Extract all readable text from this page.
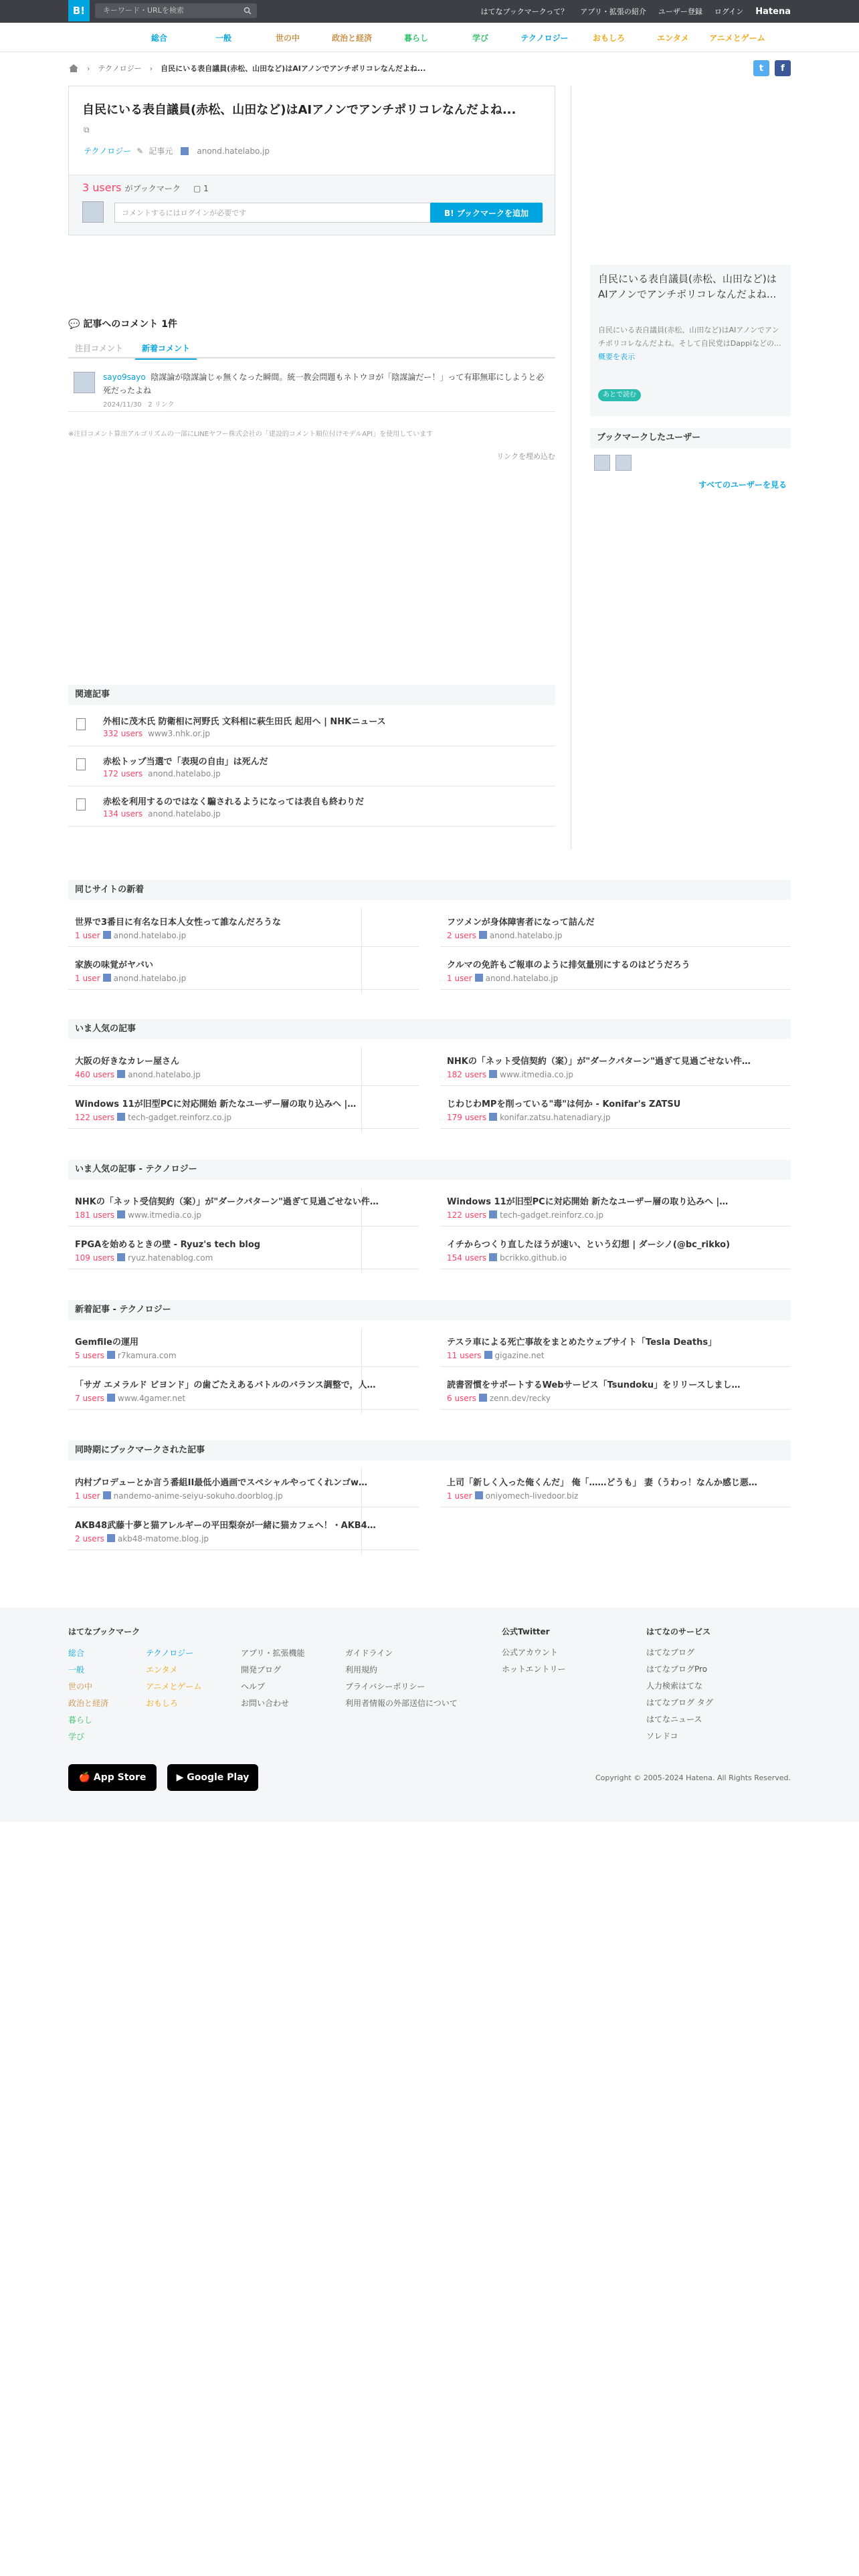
B!	キーワード・URLを検索	はてなブックマークって？ アプリ・拡張の紹介 ユーザー登録 ログイン Hatena
総合	一般	世の中	政治と経済	暮らし	学び	テクノロジー	おもしろ	エンタメ	アニメとゲーム
› テクノロジー › 自民にいる表自議員(赤松、山田など)はAIアノンでアンチポリコレなんだよね...	t	f
自民にいる表自議員(赤松、山田など)はAIアノンでアンチポリコレなんだよね...
⧉
テクノロジー ✎ 記事元	anond.hatelabo.jp
3 users がブックマーク ▢ 1
コメントするにはログインが必要です	B! ブックマークを追加
自民にいる表自議員(赤松、山田など)はAIアノンでアンチポリコレなんだよね...
自民にいる表自議員(赤松、山田など)はAIアノンでアンチポリコレなんだよね。そして自民党はDappiなどの... 概要を表示
あとで読む
ブックマークしたユーザー
すべてのユーザーを見る
💬 記事へのコメント 1件
注目コメント	新着コメント
sayo9sayo 陰謀論が陰謀論じゃ無くなった瞬間。統一教会問題もネトウヨが「陰謀論だー！」って有耶無耶にしようと必死だったよね
2024/11/30 2 リンク
※注目コメント算出アルゴリズムの一部にLINEヤフー株式会社の「建設的コメント順位付けモデルAPI」を使用しています
リンクを埋め込む
関連記事
外相に茂木氏 防衛相に河野氏 文科相に萩生田氏 起用へ | NHKニュース
332 users www3.nhk.or.jp
赤松トップ当選で「表現の自由」は死んだ
172 users anond.hatelabo.jp
赤松を利用するのではなく騙されるようになっては表自も終わりだ
134 users anond.hatelabo.jp
同じサイトの新着
世界で3番目に有名な日本人女性って誰なんだろうな
1 user anond.hatelabo.jp
フツメンが身体障害者になって詰んだ
2 users anond.hatelabo.jp
家族の味覚がヤバい
1 user anond.hatelabo.jp
クルマの免許もご報車のように排気量別にするのはどうだろう
1 user anond.hatelabo.jp
いま人気の記事
大阪の好きなカレー屋さん
460 users anond.hatelabo.jp
NHKの「ネット受信契約（案）」が"ダークパターン"過ぎて見過ごせない件…
182 users www.itmedia.co.jp
Windows 11が旧型PCに対応開始 新たなユーザー層の取り込みへ |…
122 users tech-gadget.reinforz.co.jp
じわじわMPを削っている"毒"は何か - Konifar's ZATSU
179 users konifar.zatsu.hatenadiary.jp
いま人気の記事 - テクノロジー
NHKの「ネット受信契約（案）」が"ダークパターン"過ぎて見過ごせない件…
181 users www.itmedia.co.jp
Windows 11が旧型PCに対応開始 新たなユーザー層の取り込みへ |…
122 users tech-gadget.reinforz.co.jp
FPGAを始めるときの壁 - Ryuz's tech blog
109 users ryuz.hatenablog.com
イチからつくり直したほうが速い、という幻想 | ダーシノ(@bc_rikko)
154 users bcrikko.github.io
新着記事 - テクノロジー
Gemfileの運用
5 users r7kamura.com
テスラ車による死亡事故をまとめたウェブサイト「Tesla Deaths」
11 users gigazine.net
「サガ エメラルド ビヨンド」の歯ごたえあるバトルのバランス調整で，人…
7 users www.4gamer.net
読書習慣をサポートするWebサービス「Tsundoku」をリリースしまし…
6 users zenn.dev/recky
同時期にブックマークされた記事
内村プロデューとか言う番組II最低小過画でスペシャルやってくれンゴw…
1 user nandemo-anime-seiyu-sokuho.doorblog.jp
上司「新しく入った俺くんだ」 俺「……どうも」 妻（うわっ！なんか感じ悪…
1 user oniyomech-livedoor.biz
AKB48武藤十夢と猫アレルギーの平田梨奈が一緒に猫カフェへ！・AKB4…
2 users akb48-matome.blog.jp
はてなブックマーク
総合
一般
世の中
政治と経済
暮らし
学び
テクノロジー
エンタメ
アニメとゲーム
おもしろ
アプリ・拡張機能
開発ブログ
ヘルプ
お問い合わせ
ガイドライン
利用規約
プライバシーポリシー
利用者情報の外部送信について
公式Twitter
公式アカウント
ホットエントリー
はてなのサービス
はてなブログ
はてなブログPro
人力検索はてな
はてなブログ タグ
はてなニュース
ソレドコ
🍎 App Store	▶ Google Play	Copyright © 2005-2024 Hatena. All Rights Reserved.
